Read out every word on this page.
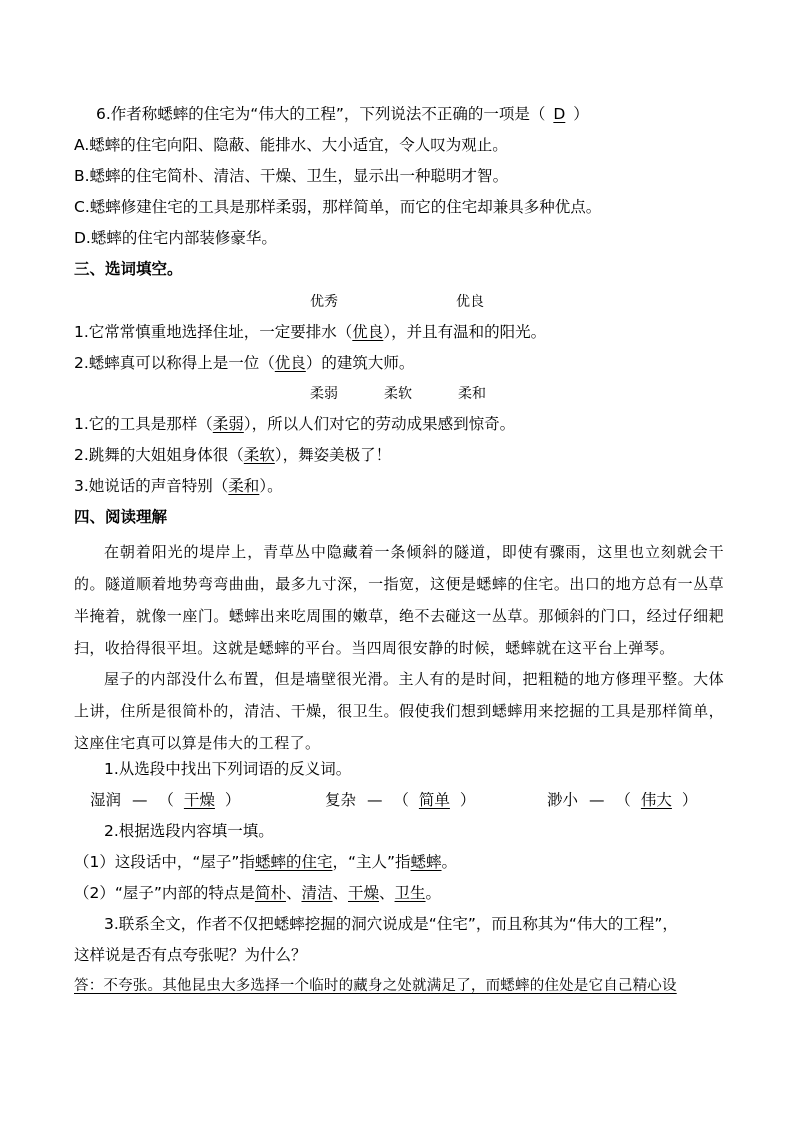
6.作者称蟋蟀的住宅为“伟大的工程”，下列说法不正确的一项是（ D ）
A.蟋蟀的住宅向阳、隐蔽、能排水、大小适宜，令人叹为观止。
B.蟋蟀的住宅简朴、清洁、干燥、卫生，显示出一种聪明才智。
C.蟋蟀修建住宅的工具是那样柔弱，那样简单，而它的住宅却兼具多种优点。
D.蟋蟀的住宅内部装修豪华。
三、选词填空。
优秀	优良
1.它常常慎重地选择住址，一定要排水（优良），并且有温和的阳光。
2.蟋蟀真可以称得上是一位（优良）的建筑大师。
柔弱	柔软	柔和
1.它的工具是那样（柔弱），所以人们对它的劳动成果感到惊奇。
2.跳舞的大姐姐身体很（柔软），舞姿美极了！
3.她说话的声音特别（柔和）。
四、阅读理解
在朝着阳光的堤岸上，青草丛中隐藏着一条倾斜的隧道，即使有骤雨，这里也立刻就会干的。隧道顺着地势弯弯曲曲，最多九寸深，一指宽，这便是蟋蟀的住宅。出口的地方总有一丛草半掩着，就像一座门。蟋蟀出来吃周围的嫩草，绝不去碰这一丛草。那倾斜的门口，经过仔细耙扫，收拾得很平坦。这就是蟋蟀的平台。当四周很安静的时候，蟋蟀就在这平台上弹琴。
屋子的内部没什么布置，但是墙壁很光滑。主人有的是时间，把粗糙的地方修理平整。大体上讲，住所是很简朴的，清洁、干燥，很卫生。假使我们想到蟋蟀用来挖掘的工具是那样简单，这座住宅真可以算是伟大的工程了。
1.从选段中找出下列词语的反义词。
湿润 — （ 干燥 ）	复杂 — （ 简单 ）	渺小 — （ 伟大 ）
2.根据选段内容填一填。
（1）这段话中，“屋子”指蟋蟀的住宅，“主人”指蟋蟀。
（2）“屋子”内部的特点是简朴、清洁、干燥、卫生。
3.联系全文，作者不仅把蟋蟀挖掘的洞穴说成是“住宅”，而且称其为“伟大的工程”，
这样说是否有点夸张呢？为什么？
答：不夸张。其他昆虫大多选择一个临时的藏身之处就满足了，而蟋蟀的住处是它自己精心设
